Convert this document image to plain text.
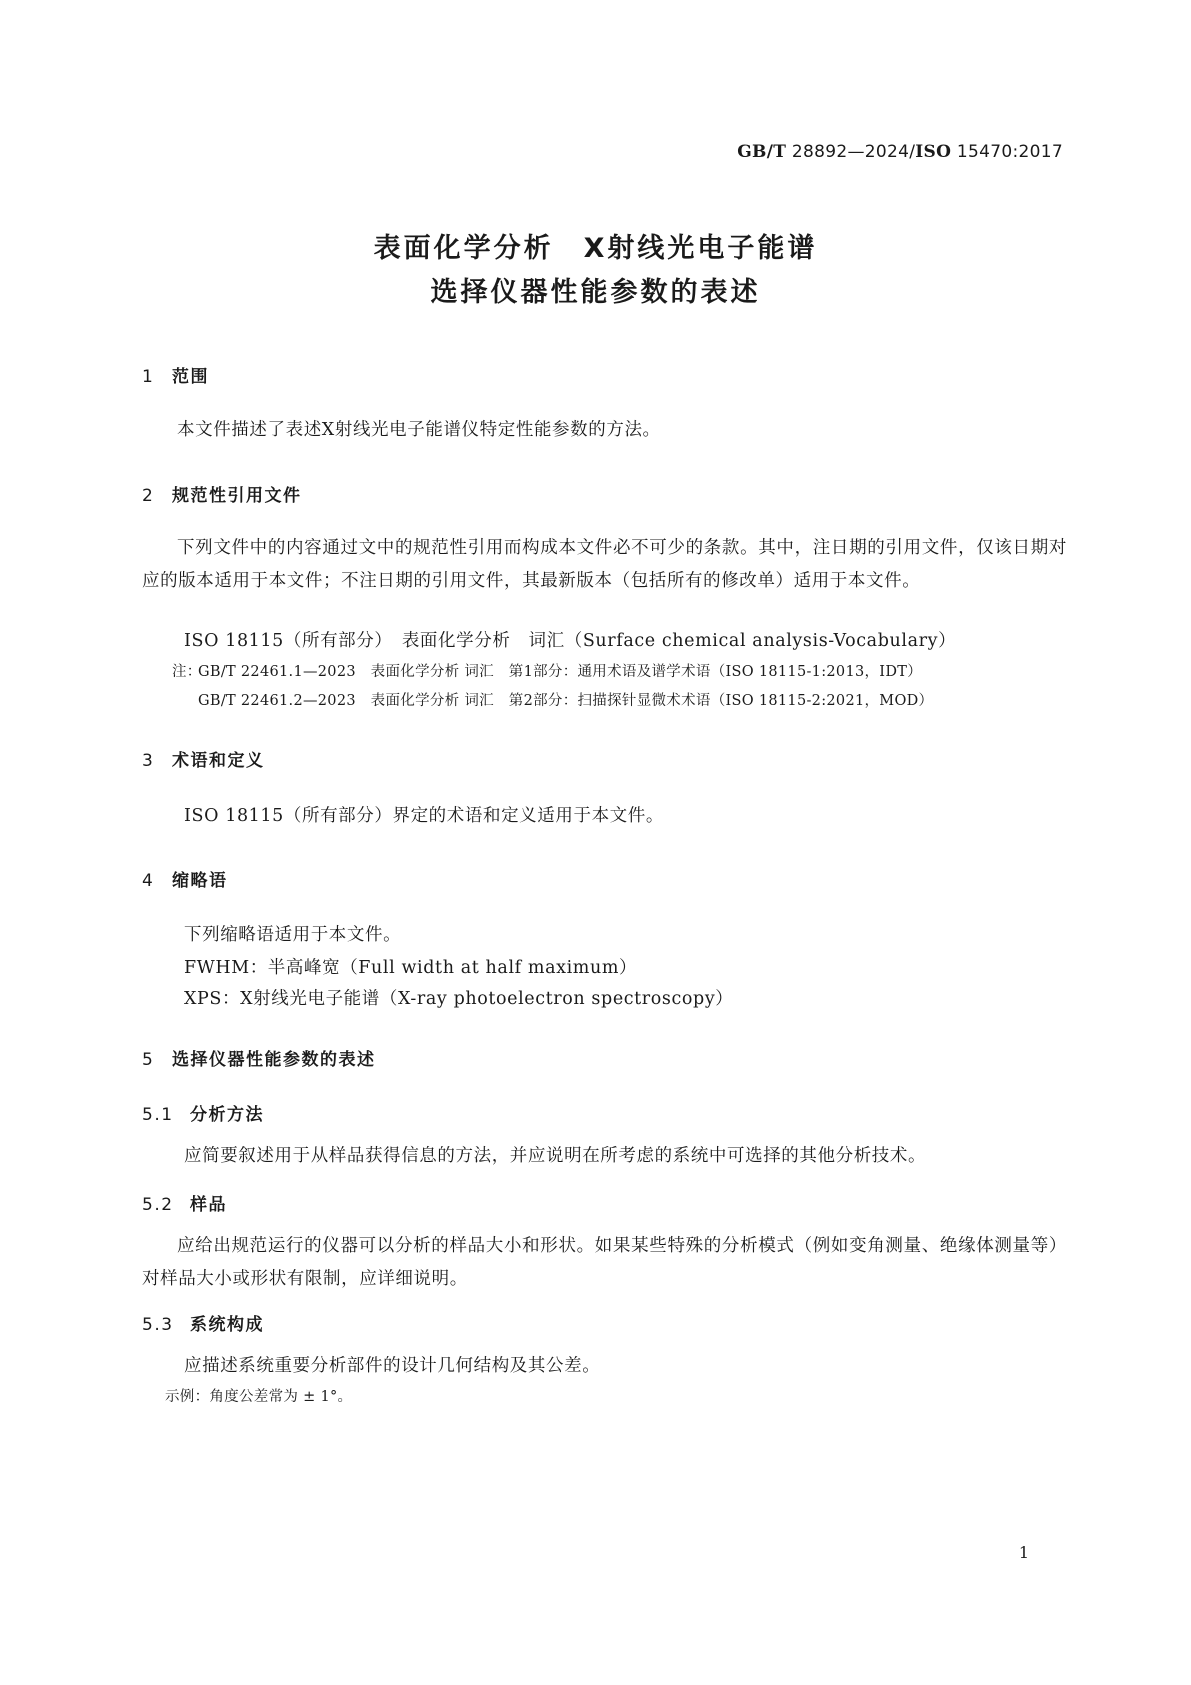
GB/T 28892—2024/ISO 15470:2017
表面化学分析　X射线光电子能谱
选择仪器性能参数的表述
1 范围
本文件描述了表述X射线光电子能谱仪特定性能参数的方法。
2 规范性引用文件
下列文件中的内容通过文中的规范性引用而构成本文件必不可少的条款。其中，注日期的引用文件，仅该日期对应的版本适用于本文件；不注日期的引用文件，其最新版本（包括所有的修改单）适用于本文件。
ISO 18115（所有部分）　表面化学分析　词汇（Surface chemical analysis-Vocabulary）
注：
GB/T 22461.1—2023　表面化学分析 词汇　第1部分：通用术语及谱学术语（ISO 18115-1:2013，IDT）
GB/T 22461.2—2023　表面化学分析 词汇　第2部分：扫描探针显微术术语（ISO 18115-2:2021，MOD）
3 术语和定义
ISO 18115（所有部分）界定的术语和定义适用于本文件。
4 缩略语
下列缩略语适用于本文件。
FWHM：半高峰宽（Full width at half maximum）
XPS：X射线光电子能谱（X-ray photoelectron spectroscopy）
5 选择仪器性能参数的表述
5.1 分析方法
应简要叙述用于从样品获得信息的方法，并应说明在所考虑的系统中可选择的其他分析技术。
5.2 样品
应给出规范运行的仪器可以分析的样品大小和形状。如果某些特殊的分析模式（例如变角测量、绝缘体测量等）对样品大小或形状有限制，应详细说明。
5.3 系统构成
应描述系统重要分析部件的设计几何结构及其公差。
示例：角度公差常为 ± 1°。
1
